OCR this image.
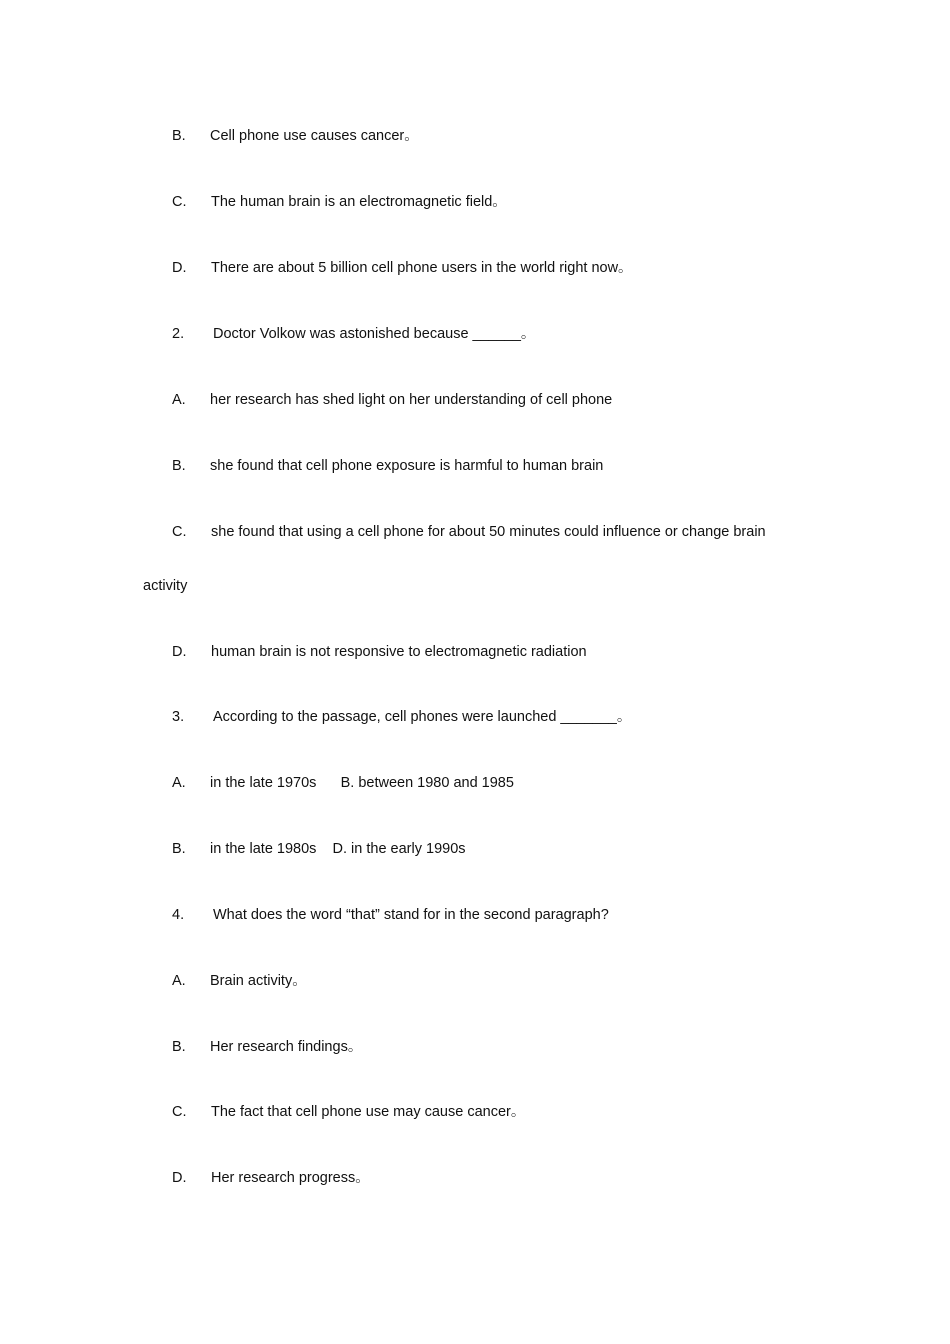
B. Cell phone use causes cancer。
C. The human brain is an electromagnetic field。
D. There are about 5 billion cell phone users in the world right now。
2. Doctor Volkow was astonished because ______。
A. her research has shed light on her understanding of cell phone
B. she found that cell phone exposure is harmful to human brain
C. she found that using a cell phone for about 50 minutes could influence or change brain
activity
D. human brain is not responsive to electromagnetic radiation
3. According to the passage, cell phones were launched _______。
A. in the late 1970s      B. between 1980 and 1985
B. in the late 1980s    D. in the early 1990s
4. What does the word “that” stand for in the second paragraph?
A. Brain activity。
B. Her research findings。
C. The fact that cell phone use may cause cancer。
D. Her research progress。
